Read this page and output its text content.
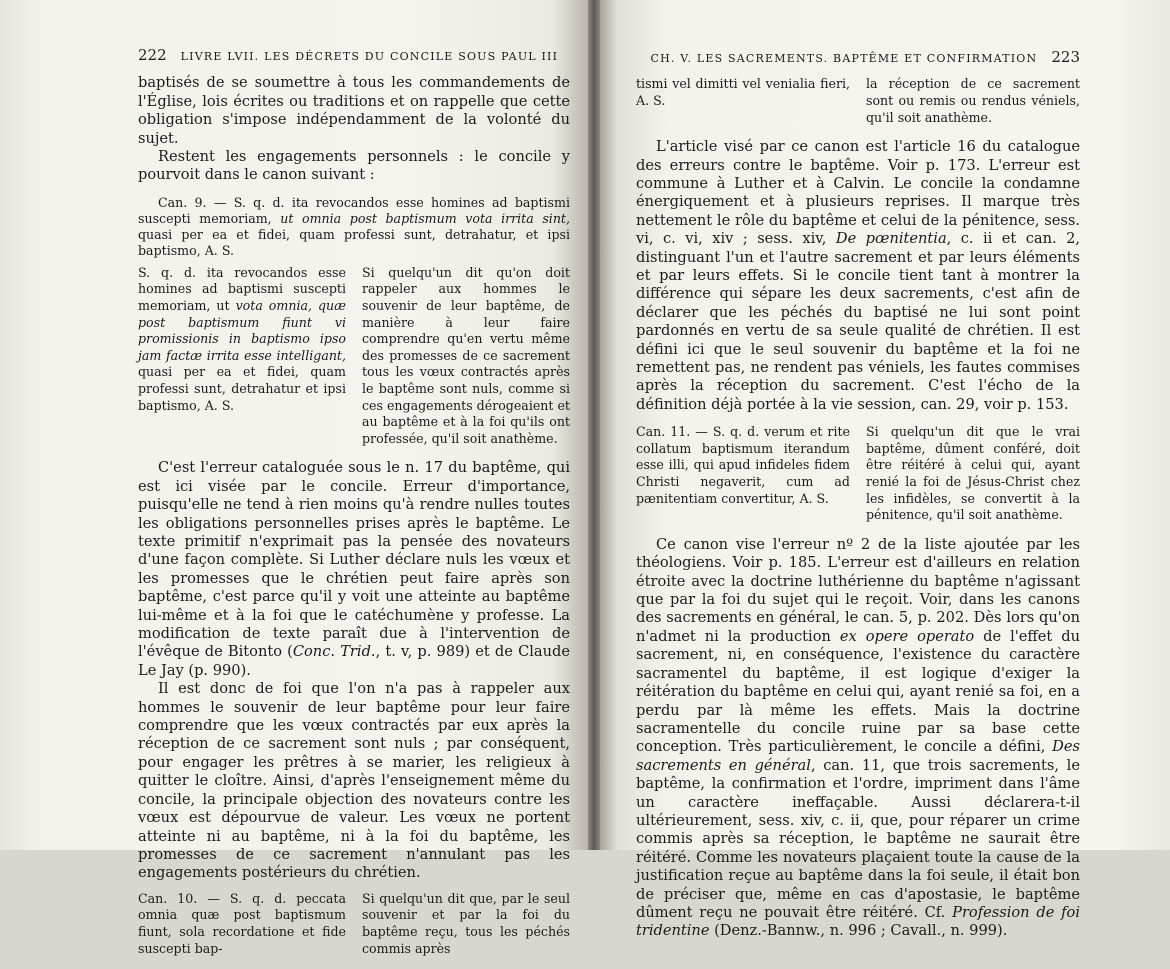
222 LIVRE LVII. LES DÉCRETS DU CONCILE SOUS PAUL III

baptisés de se soumettre à tous les commandements de l'Église, lois écrites ou traditions et on rappelle que cette obligation s'impose indépendamment de la volonté du sujet.

Restent les engagements personnels : le concile y pourvoit dans le canon suivant :

Can. 9. — S. q. d. ita revocandos esse homines ad baptismi suscepti memoriam, ut omnia post baptismum vota irrita sint, quasi per ea et fidei, quam professi sunt, detrahatur, et ipsi baptismo, A. S.

S. q. d. ita revocandos esse homines ad baptismi suscepti memoriam, ut vota omnia, quæ post baptismum fiunt vi promissionis in baptismo ipso jam factæ irrita esse intelligant, quasi per ea et fidei, quam professi sunt, detrahatur et ipsi baptismo, A. S.
Si quelqu'un dit qu'on doit rappeler aux hommes le souvenir de leur baptême, de manière à leur faire comprendre qu'en vertu même des promesses de ce sacrement tous les vœux contractés après le baptême sont nuls, comme si ces engagements dérogeaient et au baptême et à la foi qu'ils ont professée, qu'il soit anathème.

C'est l'erreur cataloguée sous le n. 17 du baptême, qui est ici visée par le concile. Erreur d'importance, puisqu'elle ne tend à rien moins qu'à rendre nulles toutes les obligations personnelles prises après le baptême. Le texte primitif n'exprimait pas la pensée des novateurs d'une façon complète. Si Luther déclare nuls les vœux et les promesses que le chrétien peut faire après son baptême, c'est parce qu'il y voit une atteinte au baptême lui-même et à la foi que le catéchumène y professe. La modification de texte paraît due à l'intervention de l'évêque de Bitonto (Conc. Trid., t. v, p. 989) et de Claude Le Jay (p. 990).

Il est donc de foi que l'on n'a pas à rappeler aux hommes le souvenir de leur baptême pour leur faire comprendre que les vœux contractés par eux après la réception de ce sacrement sont nuls ; par conséquent, pour engager les prêtres à se marier, les religieux à quitter le cloître. Ainsi, d'après l'enseignement même du concile, la principale objection des novateurs contre les vœux est dépourvue de valeur. Les vœux ne portent atteinte ni au baptême, ni à la foi du baptême, les promesses de ce sacrement n'annulant pas les engagements postérieurs du chrétien.

Can. 10. — S. q. d. peccata omnia quæ post baptismum fiunt, sola recordatione et fide suscepti bap-
Si quelqu'un dit que, par le seul souvenir et par la foi du baptême reçu, tous les péchés commis après
CH. V. LES SACREMENTS. BAPTÊME ET CONFIRMATION 223
tismi vel dimitti vel venialia fieri, A. S.
la réception de ce sacrement sont ou remis ou rendus véniels, qu'il soit anathème.

L'article visé par ce canon est l'article 16 du catalogue des erreurs contre le baptême. Voir p. 173. L'erreur est commune à Luther et à Calvin. Le concile la condamne énergiquement et à plusieurs reprises. Il marque très nettement le rôle du baptême et celui de la pénitence, sess. vi, c. vi, xiv ; sess. xiv, De pœnitentia, c. ii et can. 2, distinguant l'un et l'autre sacrement et par leurs éléments et par leurs effets. Si le concile tient tant à montrer la différence qui sépare les deux sacrements, c'est afin de déclarer que les péchés du baptisé ne lui sont point pardonnés en vertu de sa seule qualité de chrétien. Il est défini ici que le seul souvenir du baptême et la foi ne remettent pas, ne rendent pas véniels, les fautes commises après la réception du sacrement. C'est l'écho de la définition déjà portée à la vie session, can. 29, voir p. 153.

Can. 11. — S. q. d. verum et rite collatum baptismum iterandum esse illi, qui apud infideles fidem Christi negaverit, cum ad pænitentiam convertitur, A. S.
Si quelqu'un dit que le vrai baptême, dûment conféré, doit être réitéré à celui qui, ayant renié la foi de Jésus-Christ chez les infidèles, se convertit à la pénitence, qu'il soit anathème.

Ce canon vise l'erreur nº 2 de la liste ajoutée par les théologiens. Voir p. 185. L'erreur est d'ailleurs en relation étroite avec la doctrine luthérienne du baptême n'agissant que par la foi du sujet qui le reçoit. Voir, dans les canons des sacrements en général, le can. 5, p. 202. Dès lors qu'on n'admet ni la production ex opere operato de l'effet du sacrement, ni, en conséquence, l'existence du caractère sacramentel du baptême, il est logique d'exiger la réitération du baptême en celui qui, ayant renié sa foi, en a perdu par là même les effets. Mais la doctrine sacramentelle du concile ruine par sa base cette conception. Très particulièrement, le concile a défini, Des sacrements en général, can. 11, que trois sacrements, le baptême, la confirmation et l'ordre, impriment dans l'âme un caractère ineffaçable. Aussi déclarera-t-il ultérieurement, sess. xiv, c. ii, que, pour réparer un crime commis après sa réception, le baptême ne saurait être réitéré. Comme les novateurs plaçaient toute la cause de la justification reçue au baptême dans la foi seule, il était bon de préciser que, même en cas d'apostasie, le baptême dûment reçu ne pouvait être réitéré. Cf. Profession de foi tridentine (Denz.-Bannw., n. 996 ; Cavall., n. 999).
